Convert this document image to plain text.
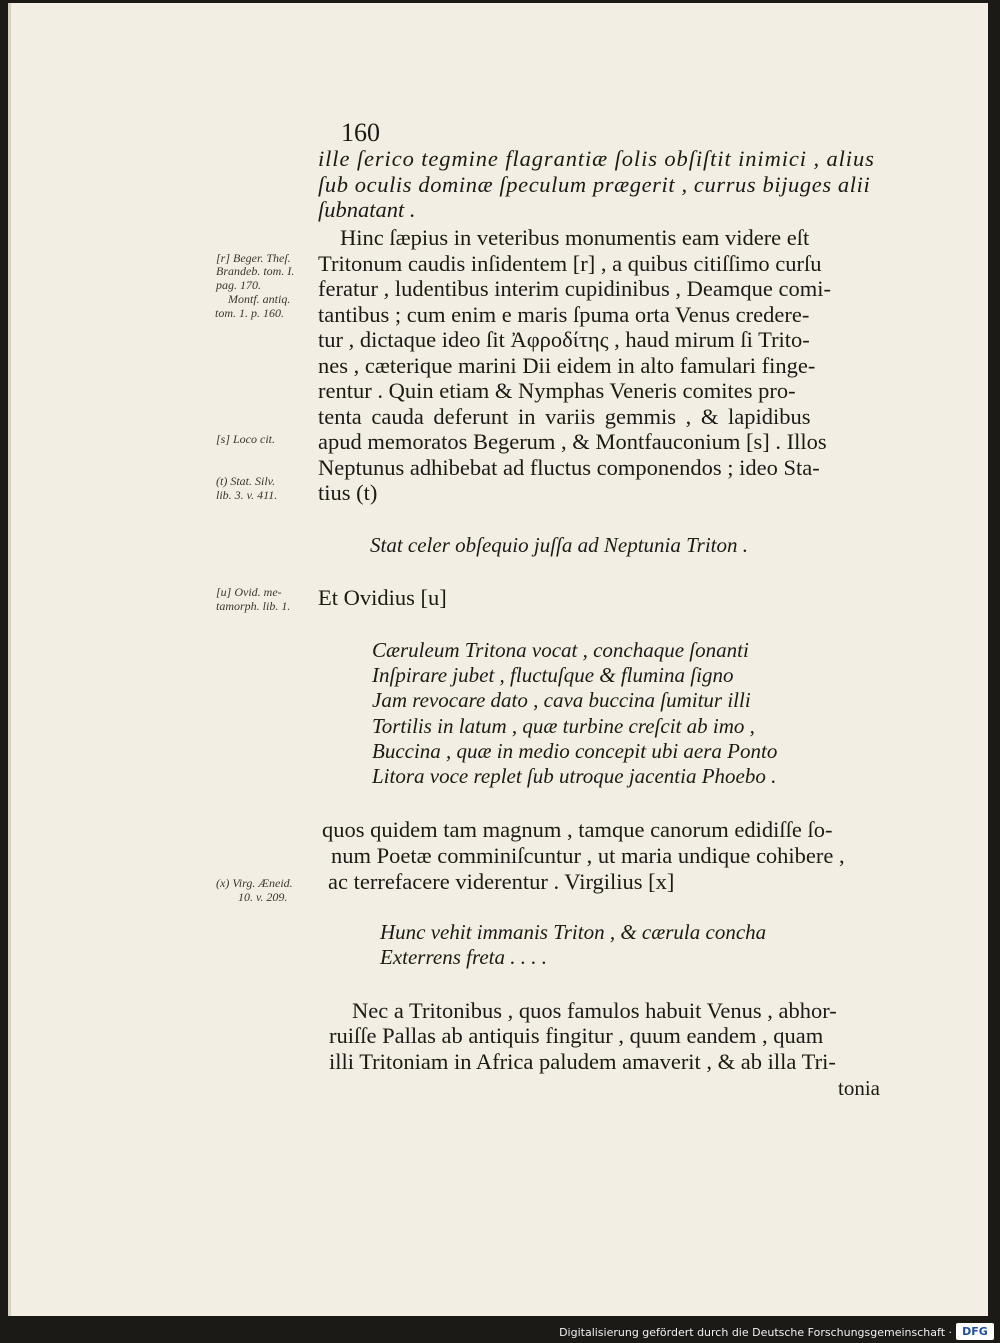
160
ille ſerico tegmine flagrantiæ ſolis obſiſtit inimici , alius
ſub oculis dominæ ſpeculum prægerit , currus bijuges alii
ſubnatant .
Hinc ſæpius in veteribus monumentis eam videre eſt
Tritonum caudis inſidentem [r] , a quibus citiſſimo curſu
feratur , ludentibus interim cupidinibus , Deamque comi-
tantibus ; cum enim e maris ſpuma orta Venus credere-
tur , dictaque ideo ſit Ἀφροδίτης , haud mirum ſi Trito-
nes , cæterique marini Dii eidem in alto famulari finge-
rentur . Quin etiam & Nymphas Veneris comites pro-
tenta cauda deferunt in variis gemmis , & lapidibus
apud memoratos Begerum , & Montfauconium [s] . Illos
Neptunus adhibebat ad fluctus componendos ; ideo Sta-
tius (t)
Stat celer obſequio juſſa ad Neptunia Triton .
Et Ovidius [u]
Cæruleum Tritona vocat , conchaque ſonanti
Inſpirare jubet , fluctuſque & flumina ſigno
Jam revocare dato , cava buccina ſumitur illi
Tortilis in latum , quæ turbine creſcit ab imo ,
Buccina , quæ in medio concepit ubi aera Ponto
Litora voce replet ſub utroque jacentia Phoebo .
quos quidem tam magnum , tamque canorum edidiſſe ſo-
num Poetæ comminiſcuntur , ut maria undique cohibere ,
ac terrefacere viderentur . Virgilius [x]
Hunc vehit immanis Triton , & cærula concha
Exterrens freta . . . .
Nec a Tritonibus , quos famulos habuit Venus , abhor-
ruiſſe Pallas ab antiquis fingitur , quum eandem , quam
illi Tritoniam in Africa paludem amaverit , & ab illa Tri-
tonia
[r] Beger. Theſ.
Brandeb. tom. I.
pag. 170.
Montf. antiq.
tom. 1. p. 160.
[s] Loco cit.
(t) Stat. Silv.
lib. 3. v. 411.
[u] Ovid. me-
tamorph. lib. 1.
(x) Virg. Æneid.
10. v. 209.
Digitalisierung gefördert durch die Deutsche Forschungsgemeinschaft · DFG
